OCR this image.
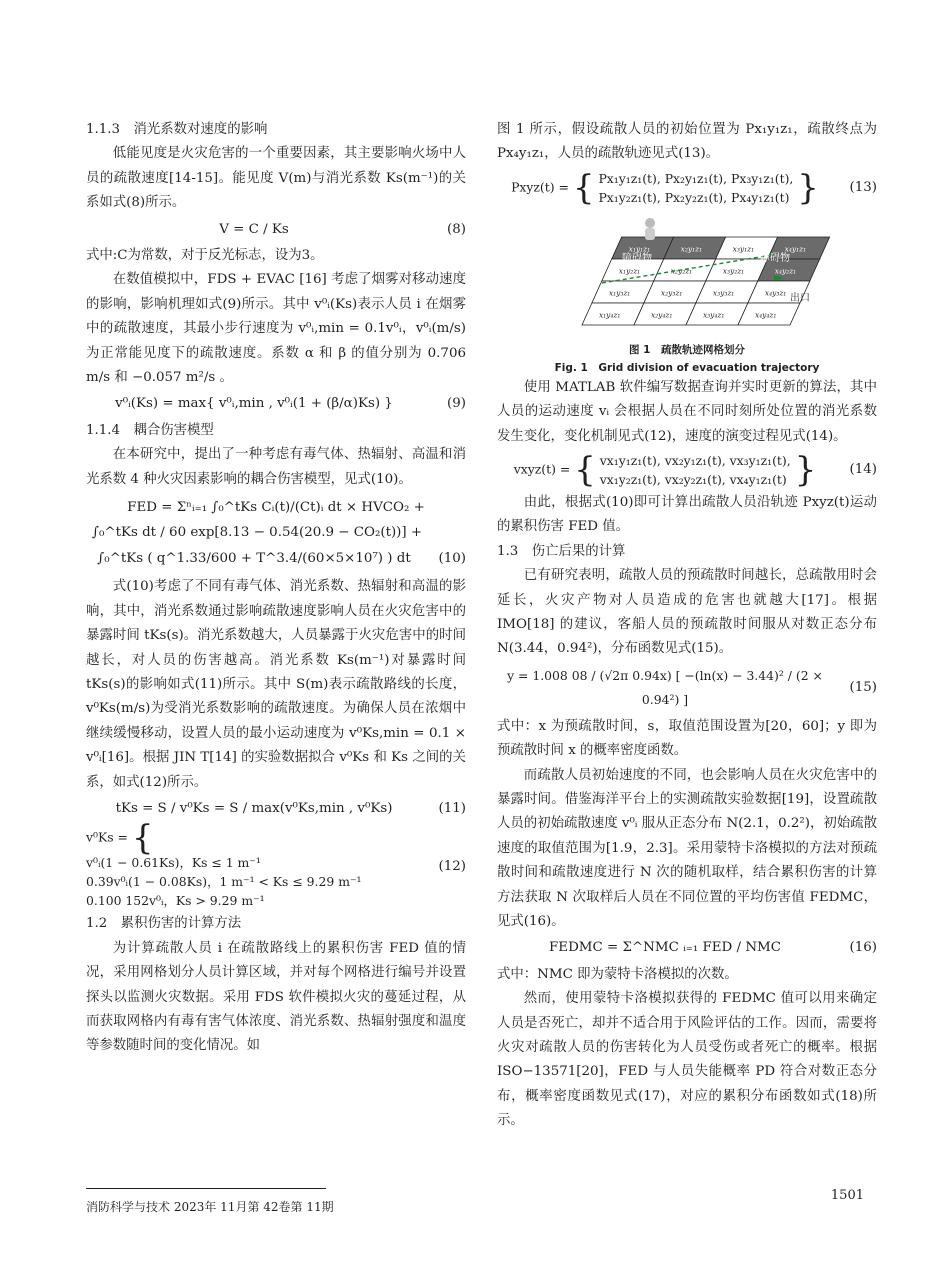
1.1.3　消光系数对速度的影响

低能见度是火灾危害的一个重要因素，其主要影响火场中人员的疏散速度[14-15]。能见度 V(m)与消光系数 Ks(m⁻¹)的关系如式(8)所示。

V = C / Ks	(8)

式中:C为常数，对于反光标志，设为3。

在数值模拟中，FDS + EVAC [16] 考虑了烟雾对移动速度的影响，影响机理如式(9)所示。其中 v⁰ᵢ(Ks)表示人员 i 在烟雾中的疏散速度，其最小步行速度为 v⁰ᵢ,min = 0.1v⁰ᵢ，v⁰ᵢ(m/s)为正常能见度下的疏散速度。系数 α 和 β 的值分别为 0.706 m/s 和 −0.057 m²/s 。

v⁰ᵢ(Ks) = max{ v⁰ᵢ,min , v⁰ᵢ(1 + (β/α)Ks) }	(9)

1.1.4　耦合伤害模型

在本研究中，提出了一种考虑有毒气体、热辐射、高温和消光系数 4 种火灾因素影响的耦合伤害模型，见式(10)。

FED = Σⁿᵢ₌₁ ∫₀^tKs Cᵢ(t)/(Ct)ᵢ dt × HVCO₂ +
∫₀^tKs dt / 60 exp[8.13 − 0.54(20.9 − CO₂(t))] +
∫₀^tKs ( q^1.33/600 + T^3.4/(60×5×10⁷) ) dt	(10)

式(10)考虑了不同有毒气体、消光系数、热辐射和高温的影响，其中，消光系数通过影响疏散速度影响人员在火灾危害中的暴露时间 tKs(s)。消光系数越大，人员暴露于火灾危害中的时间越长，对人员的伤害越高。消光系数 Ks(m⁻¹)对暴露时间 tKs(s)的影响如式(11)所示。其中 S(m)表示疏散路线的长度，v⁰Ks(m/s)为受消光系数影响的疏散速度。为确保人员在浓烟中继续缓慢移动，设置人员的最小运动速度为 v⁰Ks,min = 0.1 × v⁰ᵢ[16]。根据 JIN T[14] 的实验数据拟合 v⁰Ks 和 Ks 之间的关系，如式(12)所示。

tKs = S / v⁰Ks = S / max(v⁰Ks,min , v⁰Ks)	(11)
v⁰Ks = {
v⁰ᵢ(1 − 0.61Ks)，Ks ≤ 1 m⁻¹
0.39v⁰ᵢ(1 − 0.08Ks)，1 m⁻¹ < Ks ≤ 9.29 m⁻¹
0.100 152v⁰ᵢ，Ks > 9.29 m⁻¹
(12)

1.2　累积伤害的计算方法

为计算疏散人员 i 在疏散路线上的累积伤害 FED 值的情况，采用网格划分人员计算区域，并对每个网格进行编号并设置探头以监测火灾数据。采用 FDS 软件模拟火灾的蔓延过程，从而获取网格内有毒有害气体浓度、消光系数、热辐射强度和温度等参数随时间的变化情况。如

图 1 所示，假设疏散人员的初始位置为 Px₁y₁z₁，疏散终点为 Px₄y₁z₁，人员的疏散轨迹见式(13)。

Pxyz(t) = { Px₁y₁z₁(t), Px₂y₁z₁(t), Px₃y₁z₁(t),
Px₁y₂z₁(t), Px₂y₂z₁(t), Px₄y₁z₁(t) }	(13)
x₁y₁z₁	x₂y₁z₁	x₃y₁z₁	x₄y₁z₁
x₁y₂z₁	x₂y₂z₁	x₃y₂z₁	x₄y₂z₁
x₁y₃z₁	x₂y₃z₁	x₃y₃z₁	x₄y₃z₁
x₁y₄z₁	x₂y₄z₁	x₃y₄z₁	x₄y₄z₁
障碍物	障碍物
出口
图 1　疏散轨迹网格划分
Fig. 1　Grid division of evacuation trajectory

使用 MATLAB 软件编写数据查询并实时更新的算法，其中人员的运动速度 vᵢ 会根据人员在不同时刻所处位置的消光系数发生变化，变化机制见式(12)，速度的演变过程见式(14)。

vxyz(t) = { vx₁y₁z₁(t), vx₂y₁z₁(t), vx₃y₁z₁(t),
vx₁y₂z₁(t), vx₂y₂z₁(t), vx₄y₁z₁(t) }	(14)

由此，根据式(10)即可计算出疏散人员沿轨迹 Pxyz(t)运动的累积伤害 FED 值。

1.3　伤亡后果的计算

已有研究表明，疏散人员的预疏散时间越长，总疏散用时会延长，火灾产物对人员造成的危害也就越大[17]。根据 IMO[18] 的建议，客船人员的预疏散时间服从对数正态分布 N(3.44，0.94²)，分布函数见式(15)。

y = 1.008 08 / (√2π 0.94x) [ −(ln(x) − 3.44)² / (2 × 0.94²) ]
(15)

式中：x 为预疏散时间，s，取值范围设置为[20，60]；y 即为预疏散时间 x 的概率密度函数。

而疏散人员初始速度的不同，也会影响人员在火灾危害中的暴露时间。借鉴海洋平台上的实测疏散实验数据[19]，设置疏散人员的初始疏散速度 v⁰ᵢ 服从正态分布 N(2.1，0.2²)，初始疏散速度的取值范围为[1.9，2.3]。采用蒙特卡洛模拟的方法对预疏散时间和疏散速度进行 N 次的随机取样，结合累积伤害的计算方法获取 N 次取样后人员在不同位置的平均伤害值 FEDMC，见式(16)。

FEDMC = Σ^NMC ᵢ₌₁ FED / NMC	(16)

式中：NMC 即为蒙特卡洛模拟的次数。

然而，使用蒙特卡洛模拟获得的 FEDMC 值可以用来确定人员是否死亡，却并不适合用于风险评估的工作。因而，需要将火灾对疏散人员的伤害转化为人员受伤或者死亡的概率。根据 ISO−13571[20]，FED 与人员失能概率 PD 符合对数正态分布，概率密度函数见式(17)，对应的累积分布函数如式(18)所示。

消防科学与技术 2023年 11月第 42卷第 11期
1501
